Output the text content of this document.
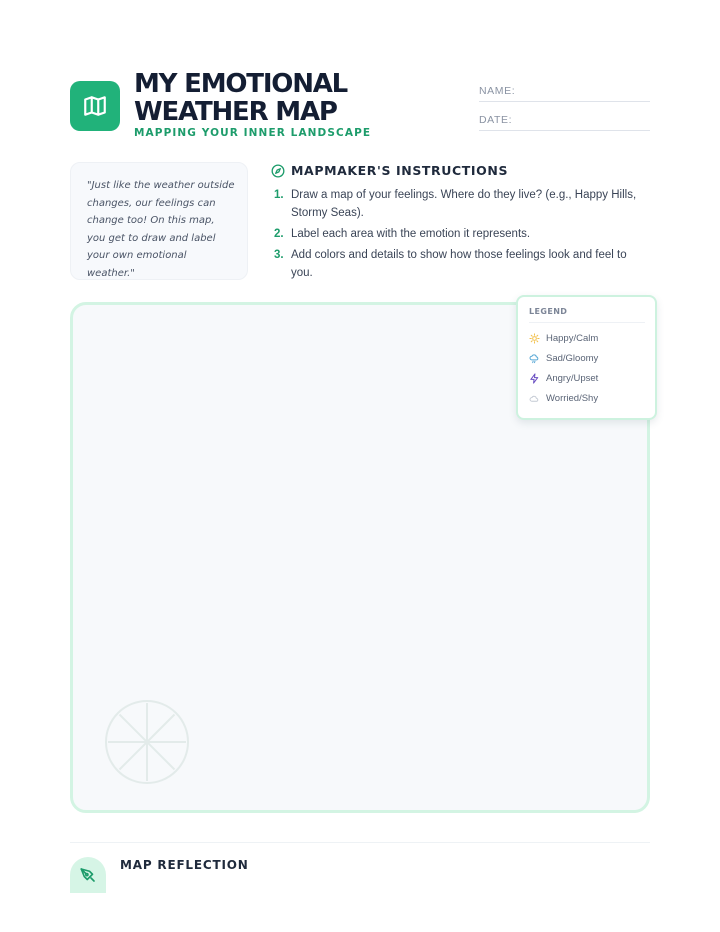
MY EMOTIONAL
WEATHER MAP
MAPPING YOUR INNER LANDSCAPE
NAME:
DATE:

"Just like the weather outside changes, our feelings can change too! On this map, you get to draw and label your own emotional weather."

MAPMAKER'S INSTRUCTIONS
1. Draw a map of your feelings. Where do they live? (e.g., Happy Hills, Stormy Seas).
2. Label each area with the emotion it represents.
3. Add colors and details to show how those feelings look and feel to you.
LEGEND
Happy/Calm
Sad/Gloomy
Angry/Upset
Worried/Shy
MAP REFLECTION
